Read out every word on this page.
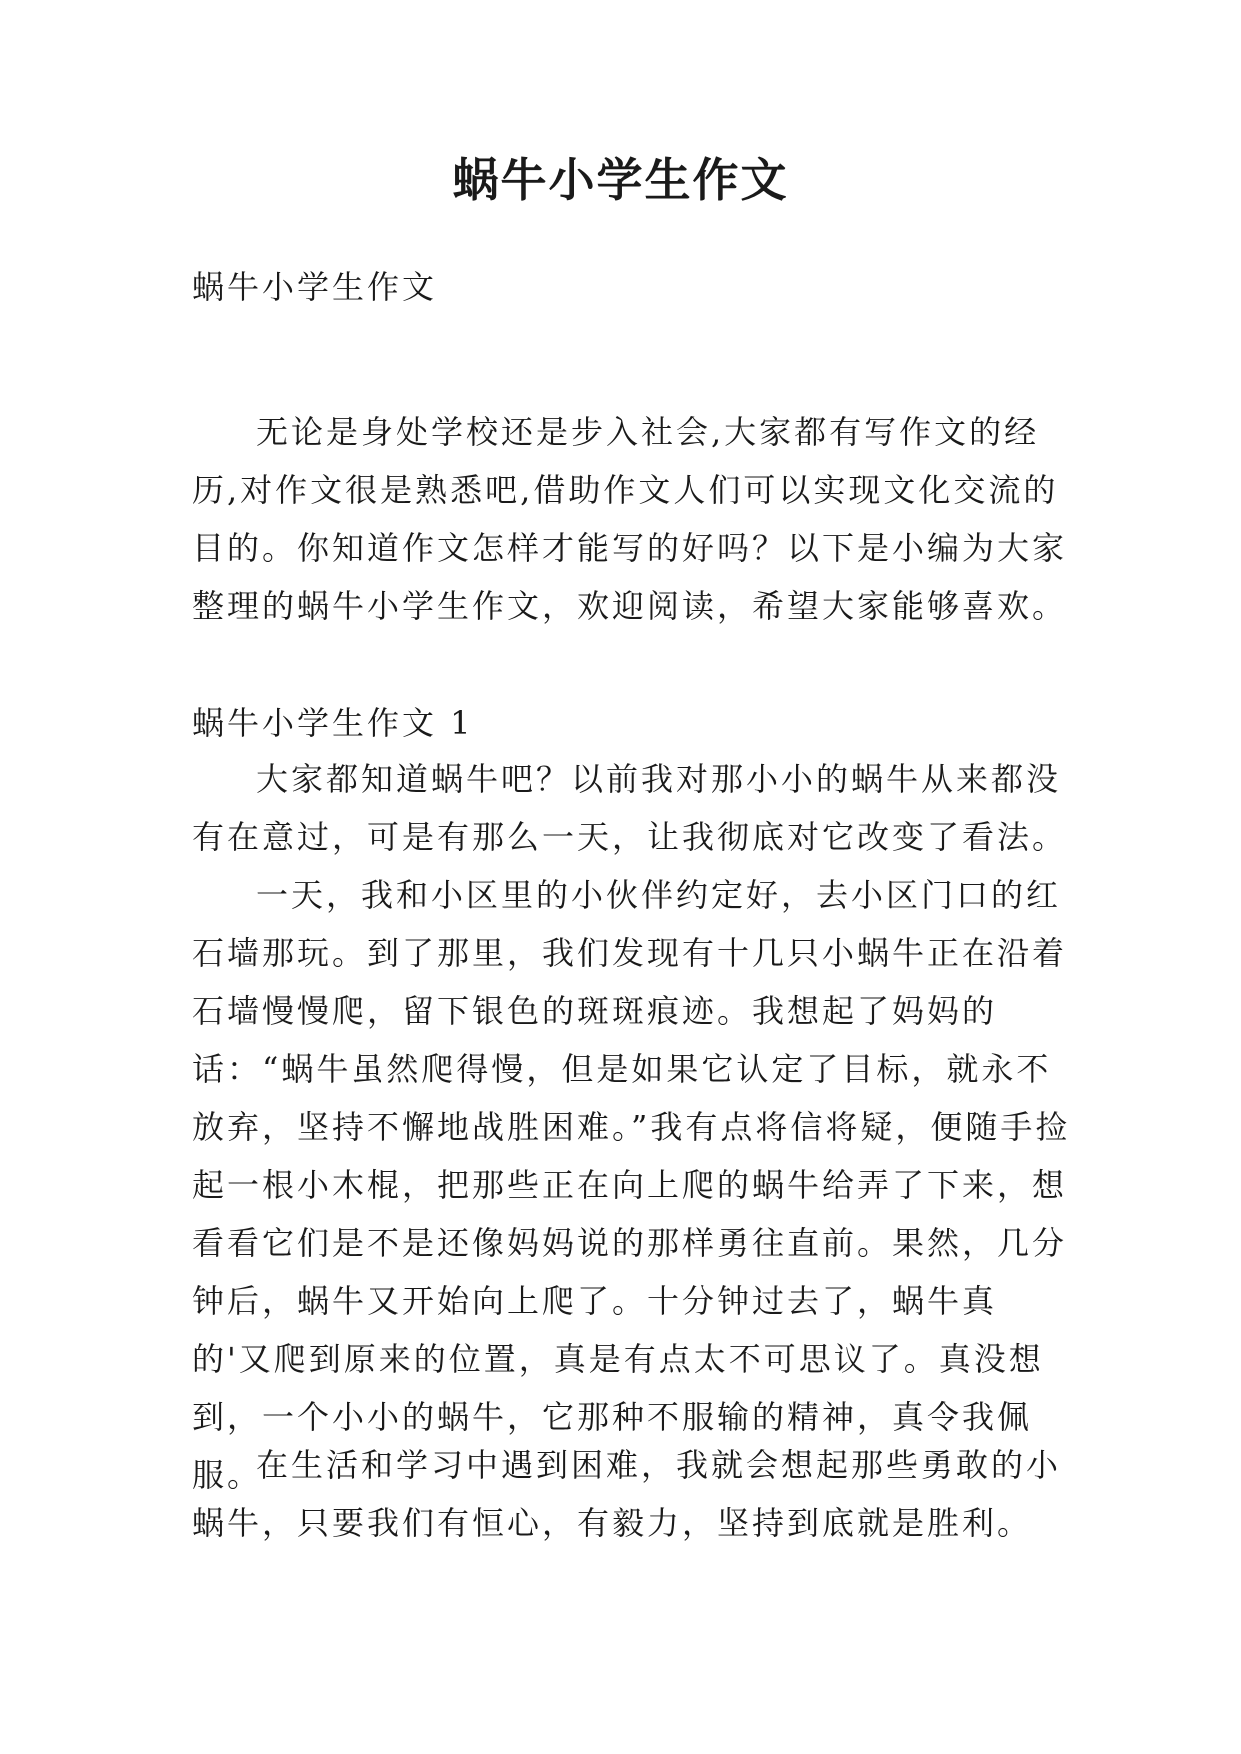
蜗牛小学生作文

蜗牛小学生作文

无论是身处学校还是步入社会,大家都有写作文的经历,对作文很是熟悉吧,借助作文人们可以实现文化交流的目的。你知道作文怎样才能写的好吗？以下是小编为大家整理的蜗牛小学生作文，欢迎阅读，希望大家能够喜欢。

蜗牛小学生作文 1

大家都知道蜗牛吧？以前我对那小小的蜗牛从来都没有在意过，可是有那么一天，让我彻底对它改变了看法。

一天，我和小区里的小伙伴约定好，去小区门口的红石墙那玩。到了那里，我们发现有十几只小蜗牛正在沿着石墙慢慢爬，留下银色的斑斑痕迹。我想起了妈妈的话：“蜗牛虽然爬得慢，但是如果它认定了目标，就永不放弃，坚持不懈地战胜困难。”我有点将信将疑，便随手捡起一根小木棍，把那些正在向上爬的蜗牛给弄了下来，想看看它们是不是还像妈妈说的那样勇往直前。果然，几分钟后，蜗牛又开始向上爬了。十分钟过去了，蜗牛真的'又爬到原来的位置，真是有点太不可思议了。真没想到，一个小小的蜗牛，它那种不服输的精神，真令我佩服。

在生活和学习中遇到困难，我就会想起那些勇敢的小蜗牛，只要我们有恒心，有毅力，坚持到底就是胜利。
